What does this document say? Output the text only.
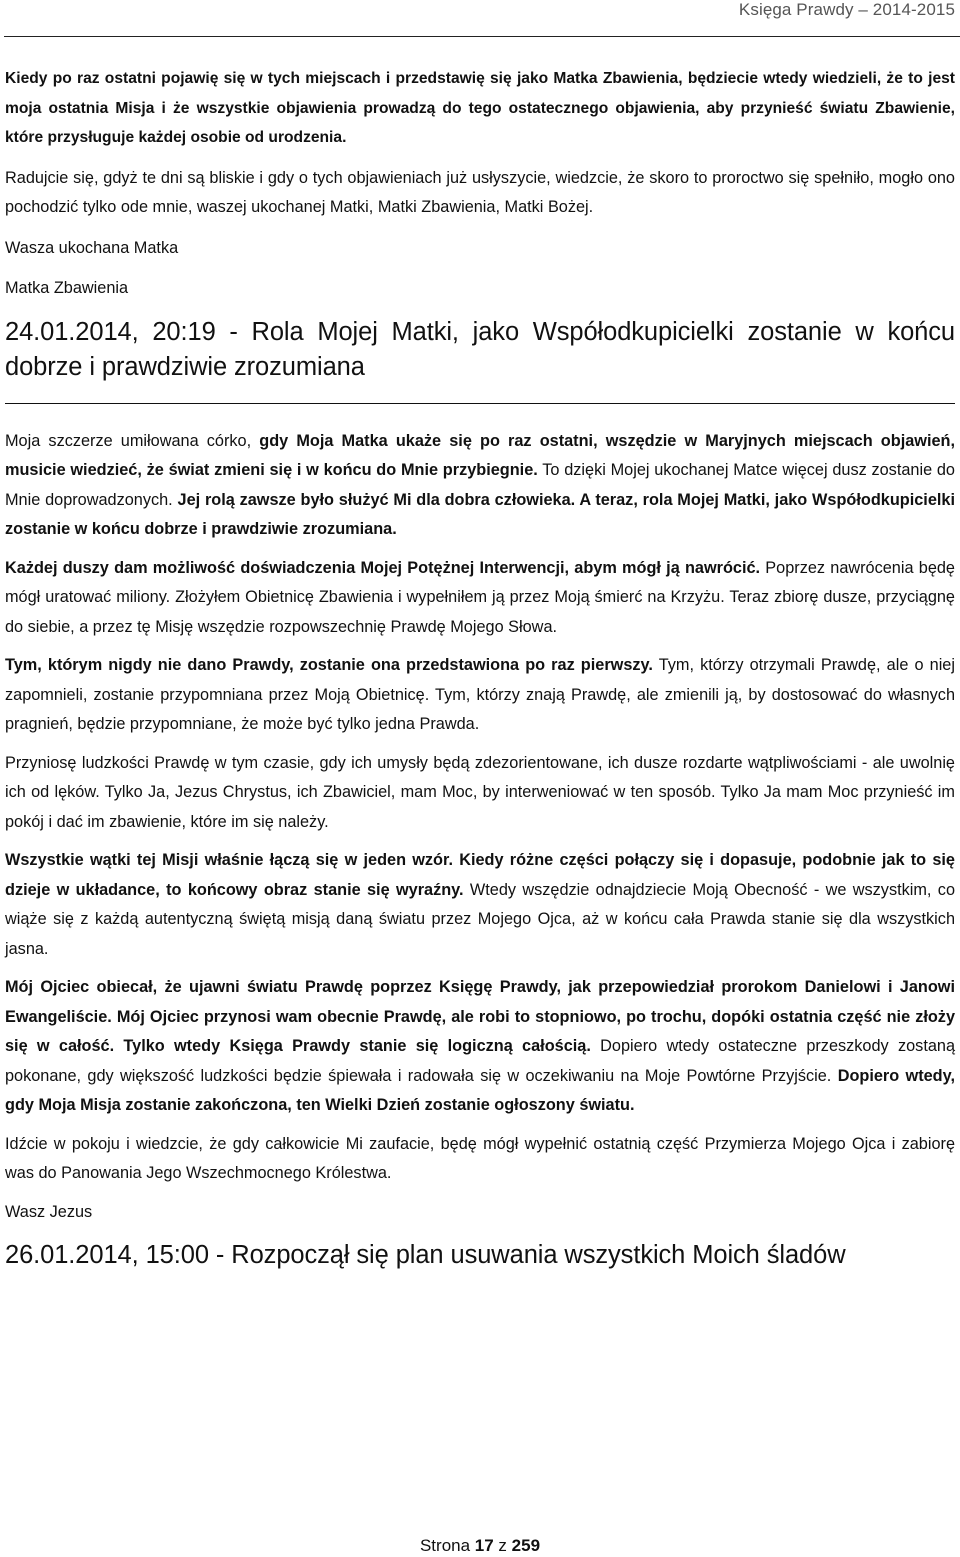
Księga Prawdy – 2014-2015

Kiedy po raz ostatni pojawię się w tych miejscach i przedstawię się jako Matka Zbawienia, będziecie wtedy wiedzieli, że to jest moja ostatnia Misja i że wszystkie objawienia prowadzą do tego ostatecznego objawienia, aby przynieść światu Zbawienie, które przysługuje każdej osobie od urodzenia.

Radujcie się, gdyż te dni są bliskie i gdy o tych objawieniach już usłyszycie, wiedzcie, że skoro to proroctwo się spełniło, mogło ono pochodzić tylko ode mnie, waszej ukochanej Matki, Matki Zbawienia, Matki Bożej.

Wasza ukochana Matka

Matka Zbawienia

24.01.2014, 20:19 - Rola Mojej Matki, jako Współodkupicielki zostanie w końcu dobrze i prawdziwie zrozumiana

Moja szczerze umiłowana córko, gdy Moja Matka ukaże się po raz ostatni, wszędzie w Maryjnych miejscach objawień, musicie wiedzieć, że świat zmieni się i w końcu do Mnie przybiegnie. To dzięki Mojej ukochanej Matce więcej dusz zostanie do Mnie doprowadzonych. Jej rolą zawsze było służyć Mi dla dobra człowieka. A teraz, rola Mojej Matki, jako Współodkupicielki zostanie w końcu dobrze i prawdziwie zrozumiana.

Każdej duszy dam możliwość doświadczenia Mojej Potężnej Interwencji, abym mógł ją nawrócić. Poprzez nawrócenia będę mógł uratować miliony. Złożyłem Obietnicę Zbawienia i wypełniłem ją przez Moją śmierć na Krzyżu. Teraz zbiorę dusze, przyciągnę do siebie, a przez tę Misję wszędzie rozpowszechnię Prawdę Mojego Słowa.

Tym, którym nigdy nie dano Prawdy, zostanie ona przedstawiona po raz pierwszy. Tym, którzy otrzymali Prawdę, ale o niej zapomnieli, zostanie przypomniana przez Moją Obietnicę. Tym, którzy znają Prawdę, ale zmienili ją, by dostosować do własnych pragnień, będzie przypomniane, że może być tylko jedna Prawda.

Przyniosę ludzkości Prawdę w tym czasie, gdy ich umysły będą zdezorientowane, ich dusze rozdarte wątpliwościami - ale uwolnię ich od lęków. Tylko Ja, Jezus Chrystus, ich Zbawiciel, mam Moc, by interweniować w ten sposób. Tylko Ja mam Moc przynieść im pokój i dać im zbawienie, które im się należy.

Wszystkie wątki tej Misji właśnie łączą się w jeden wzór. Kiedy różne części połączy się i dopasuje, podobnie jak to się dzieje w układance, to końcowy obraz stanie się wyraźny. Wtedy wszędzie odnajdziecie Moją Obecność - we wszystkim, co wiąże się z każdą autentyczną świętą misją daną światu przez Mojego Ojca, aż w końcu cała Prawda stanie się dla wszystkich jasna.

Mój Ojciec obiecał, że ujawni światu Prawdę poprzez Księgę Prawdy, jak przepowiedział prorokom Danielowi i Janowi Ewangeliście. Mój Ojciec przynosi wam obecnie Prawdę, ale robi to stopniowo, po trochu, dopóki ostatnia część nie złoży się w całość. Tylko wtedy Księga Prawdy stanie się logiczną całością. Dopiero wtedy ostateczne przeszkody zostaną pokonane, gdy większość ludzkości będzie śpiewała i radowała się w oczekiwaniu na Moje Powtórne Przyjście. Dopiero wtedy, gdy Moja Misja zostanie zakończona, ten Wielki Dzień zostanie ogłoszony światu.

Idźcie w pokoju i wiedzcie, że gdy całkowicie Mi zaufacie, będę mógł wypełnić ostatnią część Przymierza Mojego Ojca i zabiorę was do Panowania Jego Wszechmocnego Królestwa.

Wasz Jezus

26.01.2014, 15:00 - Rozpoczął się plan usuwania wszystkich Moich śladów
Strona 17 z 259
